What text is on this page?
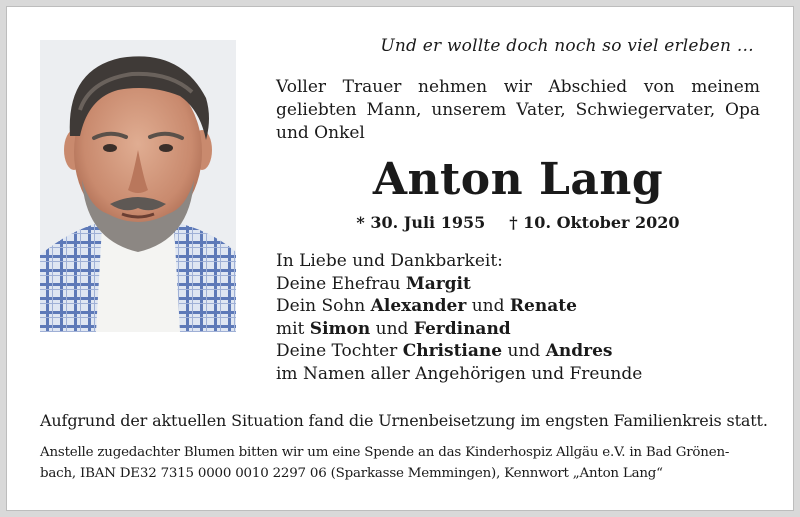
Und er wollte doch noch so viel erleben …
Voller Trauer nehmen wir Abschied von meinem geliebten Mann, unserem Vater, Schwiegervater, Opa und Onkel
Anton Lang
* 30. Juli 1955 † 10. Oktober 2020
In Liebe und Dankbarkeit:
Deine Ehefrau Margit
Dein Sohn Alexander und Renate
mit Simon und Ferdinand
Deine Tochter Christiane und Andres
im Namen aller Angehörigen und Freunde
Aufgrund der aktuellen Situation fand die Urnenbeisetzung im engsten Familienkreis statt.
Anstelle zugedachter Blumen bitten wir um eine Spende an das Kinderhospiz Allgäu e.V. in Bad Grönen-
bach, IBAN DE32 7315 0000 0010 2297 06 (Sparkasse Memmingen), Kennwort „Anton Lang“
